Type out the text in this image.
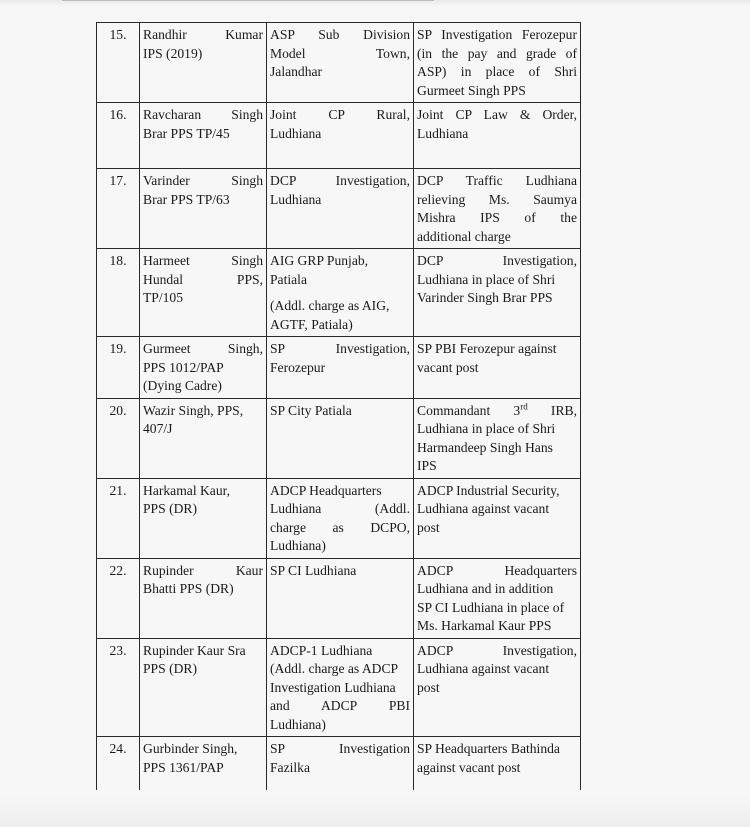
15.	Randhir Kumar
IPS (2019)	ASP Sub Division
Model Town,
Jalandhar	SP Investigation Ferozepur
(in the pay and grade of
ASP) in place of Shri
Gurmeet Singh PPS

16.	Ravcharan Singh
Brar PPS TP/45	Joint CP Rural,
Ludhiana	Joint CP Law & Order,
Ludhiana

17.	Varinder Singh
Brar PPS TP/63	DCP Investigation,
Ludhiana	DCP Traffic Ludhiana
relieving Ms. Saumya
Mishra IPS of the
additional charge

18.	Harmeet Singh
Hundal PPS,
TP/105	AIG GRP Punjab,
Patiala
(Addl. charge as AIG,
AGTF, Patiala)	DCP Investigation,
Ludhiana in place of Shri
Varinder Singh Brar PPS

19.	Gurmeet Singh,
PPS 1012/PAP
(Dying Cadre)	SP Investigation,
Ferozepur	SP PBI Ferozepur against
vacant post

20.	Wazir Singh, PPS,
407/J	SP City Patiala	Commandant 3rd IRB,
Ludhiana in place of Shri
Harmandeep Singh Hans
IPS

21.	Harkamal Kaur,
PPS (DR)	ADCP Headquarters
Ludhiana (Addl.
charge as DCPO,
Ludhiana)	ADCP Industrial Security,
Ludhiana against vacant
post

22.	Rupinder Kaur
Bhatti PPS (DR)	SP CI Ludhiana	ADCP Headquarters
Ludhiana and in addition
SP CI Ludhiana in place of
Ms. Harkamal Kaur PPS

23.	Rupinder Kaur Sra
PPS (DR)	ADCP-1 Ludhiana
(Addl. charge as ADCP
Investigation Ludhiana
and ADCP PBI
Ludhiana)	ADCP Investigation,
Ludhiana against vacant
post

24.	Gurbinder Singh,
PPS 1361/PAP	SP Investigation
Fazilka	SP Headquarters Bathinda
against vacant post
